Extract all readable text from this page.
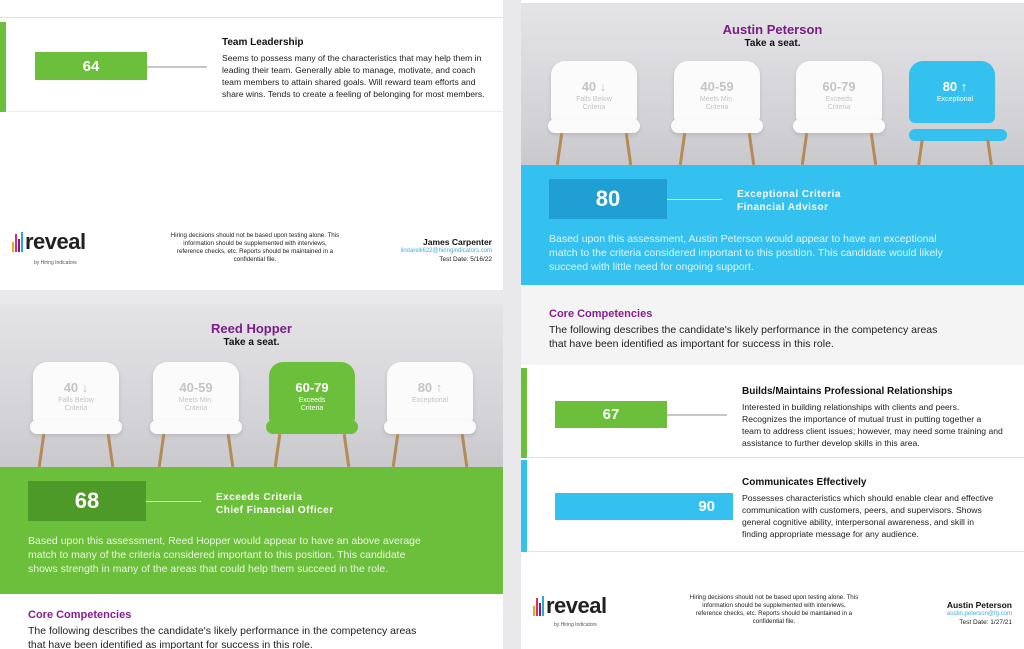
64
Team Leadership
Seems to possess many of the characteristics that may help them in
leading their team. Generally able to manage, motivate, and coach
team members to attain shared goals. Will reward team efforts and
share wins. Tends to create a feeling of belonging for most members.
reveal
by Hiring Indicators
Hiring decisions should not be based upon testing alone. This
information should be supplemented with interviews,
reference checks, etc. Reports should be maintained in a
confidential file.
James Carpenter
lindarelli622@hiringindicators.com
Test Date: 5/16/22
Reed Hopper
Take a seat.
40 ↓
Falls Below
Criteria
40-59
Meets Min.
Criteria
60-79
Exceeds
Criteria
80 ↑
Exceptional
68	Exceeds Criteria
Chief Financial Officer
Based upon this assessment, Reed Hopper would appear to have an above average
match to many of the criteria considered important to this position. This candidate
shows strength in many of the areas that could help them succeed in the role.
Core Competencies
The following describes the candidate's likely performance in the competency areas
that have been identified as important for success in this role.
Austin Peterson
Take a seat.
40 ↓
Falls Below
Criteria
40-59
Meets Min.
Criteria
60-79
Exceeds
Criteria
80 ↑
Exceptional
80	Exceptional Criteria
Financial Advisor
Based upon this assessment, Austin Peterson would appear to have an exceptional
match to the criteria considered important to this position. This candidate would likely
succeed with little need for ongoing support.
Core Competencies
The following describes the candidate's likely performance in the competency areas
that have been identified as important for success in this role.
67
Builds/Maintains Professional Relationships
Interested in building relationships with clients and peers.
Recognizes the importance of mutual trust in putting together a
team to address client issues; however, may need some training and
assistance to further develop skills in this area.
90
Communicates Effectively
Possesses characteristics which should enable clear and effective
communication with customers, peers, and supervisors. Shows
general cognitive ability, interpersonal awareness, and skill in
finding appropriate message for any audience.
reveal
by Hiring Indicators
Hiring decisions should not be based upon testing alone. This
information should be supplemented with interviews,
reference checks, etc. Reports should be maintained in a
confidential file.
Austin Peterson
austin.peterson@fg.com
Test Date: 1/27/21
